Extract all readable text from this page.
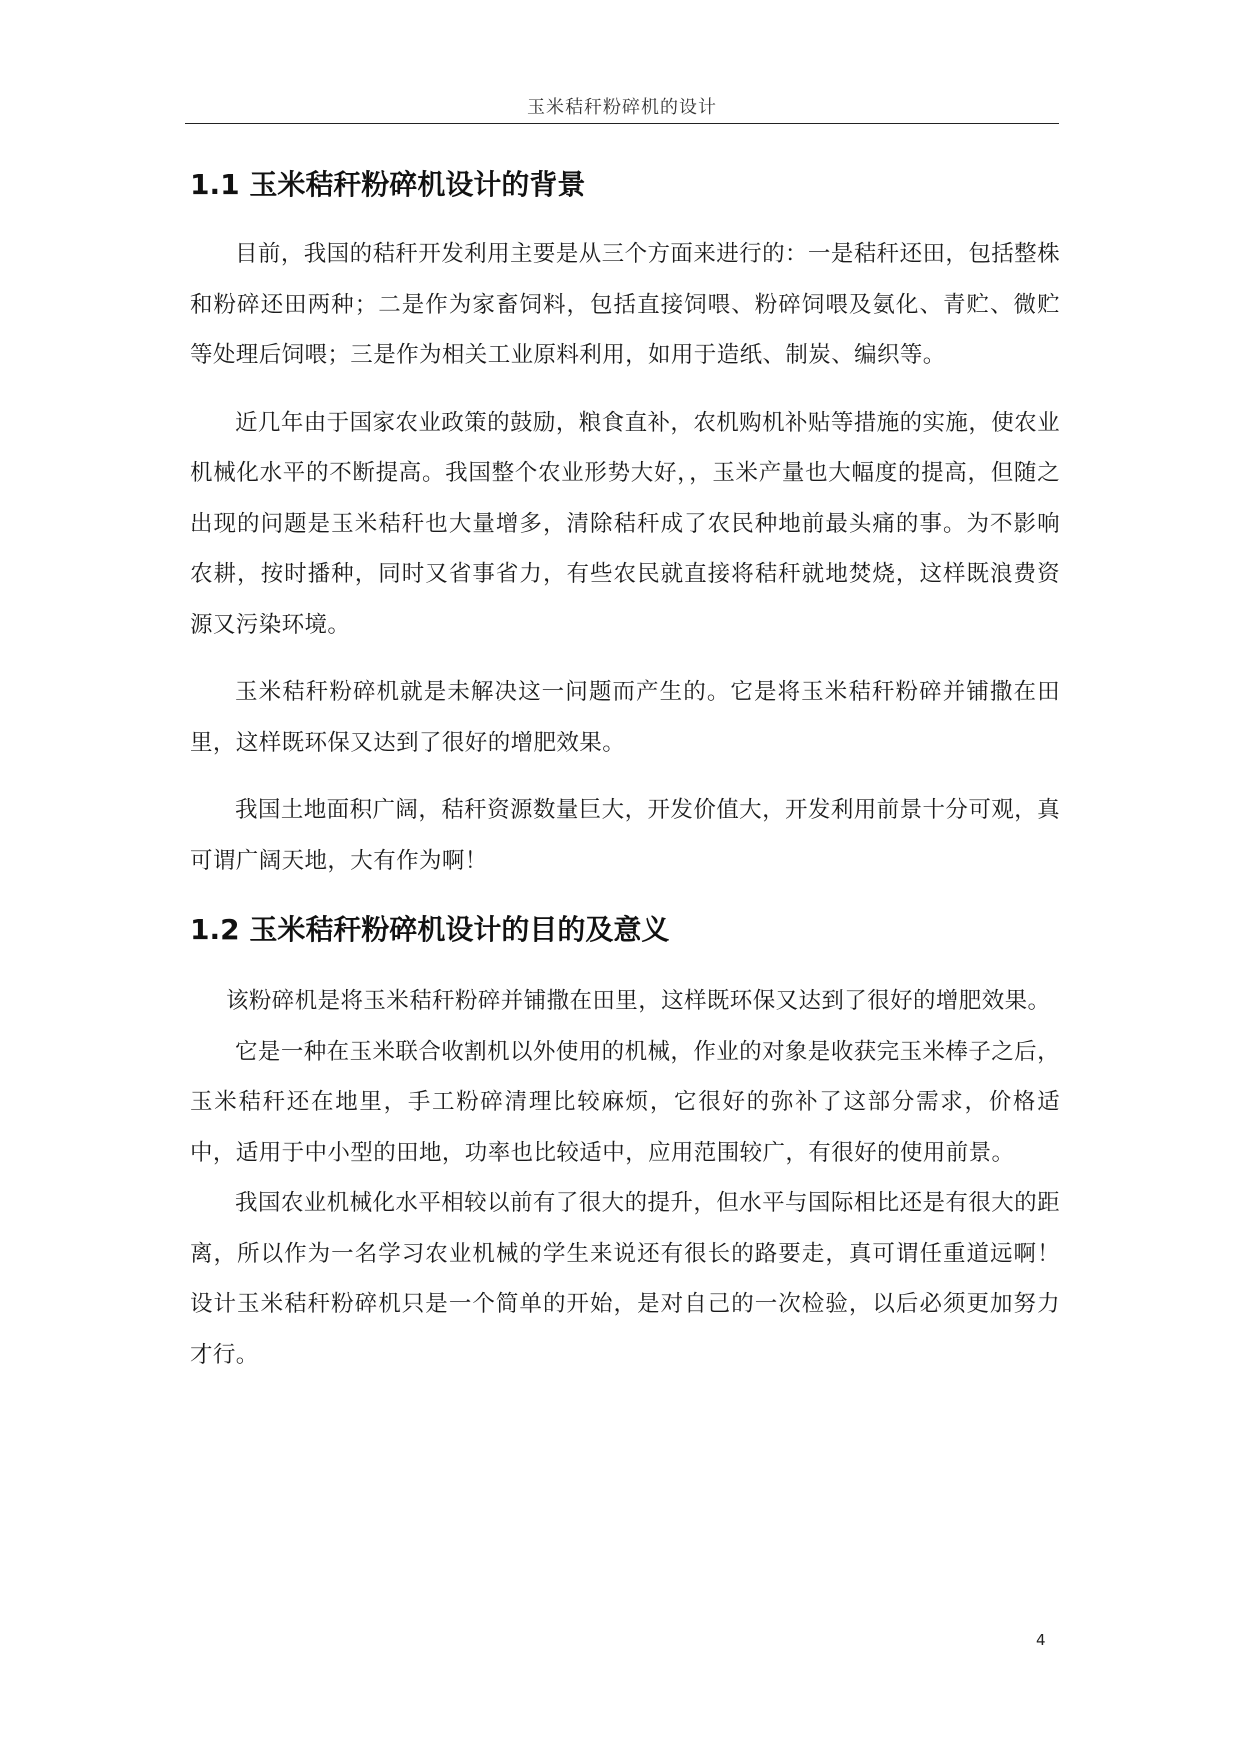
玉米秸秆粉碎机的设计
1.1 玉米秸秆粉碎机设计的背景

目前，我国的秸秆开发利用主要是从三个方面来进行的：一是秸秆还田，包括整株和粉碎还田两种；二是作为家畜饲料，包括直接饲喂、粉碎饲喂及氨化、青贮、微贮等处理后饲喂；三是作为相关工业原料利用，如用于造纸、制炭、编织等。

近几年由于国家农业政策的鼓励，粮食直补，农机购机补贴等措施的实施，使农业机械化水平的不断提高。我国整个农业形势大好，，玉米产量也大幅度的提高，但随之出现的问题是玉米秸秆也大量增多，清除秸秆成了农民种地前最头痛的事。为不影响农耕，按时播种，同时又省事省力，有些农民就直接将秸秆就地焚烧，这样既浪费资源又污染环境。

玉米秸秆粉碎机就是未解决这一问题而产生的。它是将玉米秸秆粉碎并铺撒在田里，这样既环保又达到了很好的增肥效果。

我国土地面积广阔，秸秆资源数量巨大，开发价值大，开发利用前景十分可观，真可谓广阔天地，大有作为啊！

1.2 玉米秸秆粉碎机设计的目的及意义

该粉碎机是将玉米秸秆粉碎并铺撒在田里，这样既环保又达到了很好的增肥效果。

它是一种在玉米联合收割机以外使用的机械，作业的对象是收获完玉米棒子之后，玉米秸秆还在地里，手工粉碎清理比较麻烦，它很好的弥补了这部分需求，价格适中，适用于中小型的田地，功率也比较适中，应用范围较广，有很好的使用前景。

我国农业机械化水平相较以前有了很大的提升，但水平与国际相比还是有很大的距离，所以作为一名学习农业机械的学生来说还有很长的路要走，真可谓任重道远啊！设计玉米秸秆粉碎机只是一个简单的开始，是对自己的一次检验，以后必须更加努力才行。

4
